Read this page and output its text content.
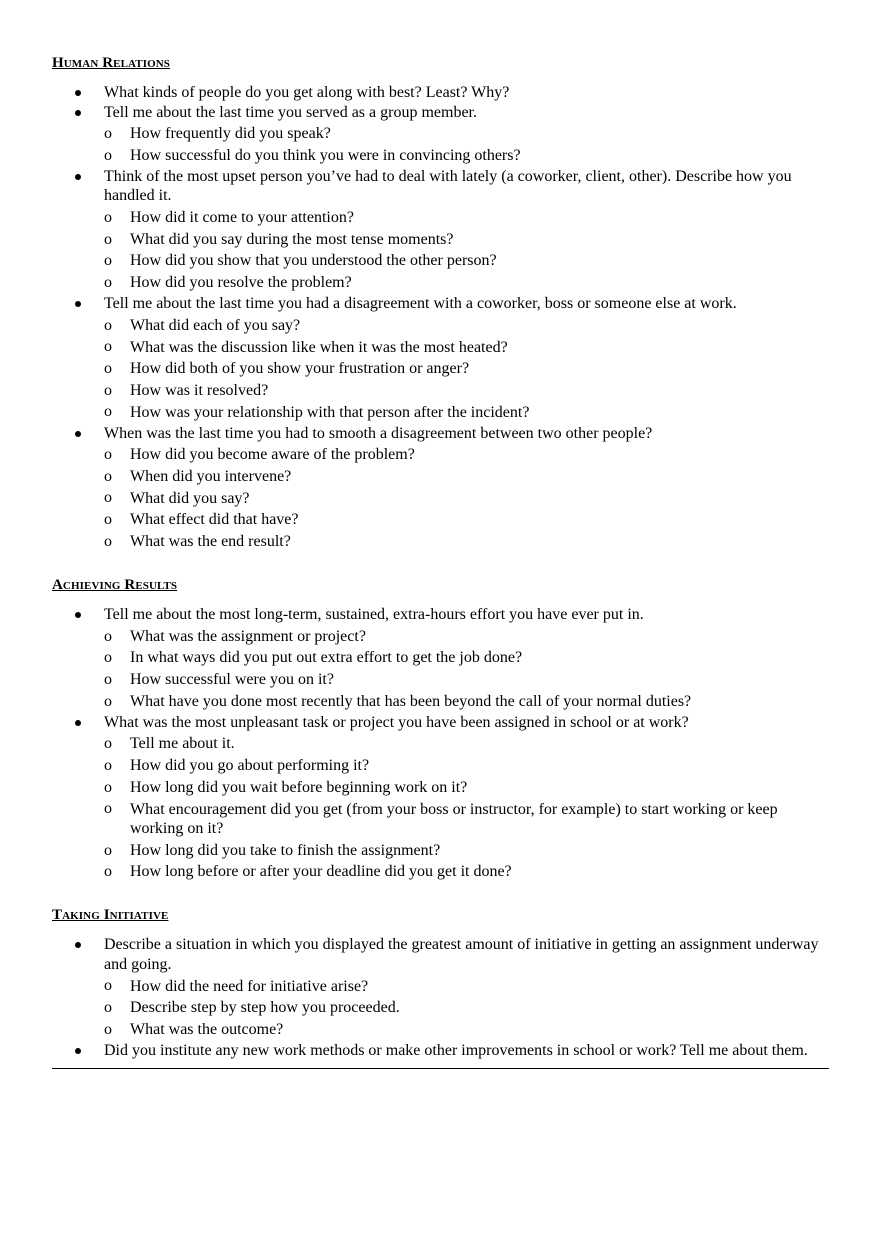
Human Relations
What kinds of people do you get along with best? Least? Why?
Tell me about the last time you served as a group member.
o How frequently did you speak?
o How successful do you think you were in convincing others?
Think of the most upset person you’ve had to deal with lately (a coworker, client, other). Describe how you handled it.
o How did it come to your attention?
o What did you say during the most tense moments?
o How did you show that you understood the other person?
o How did you resolve the problem?
Tell me about the last time you had a disagreement with a coworker, boss or someone else at work.
o What did each of you say?
o What was the discussion like when it was the most heated?
o How did both of you show your frustration or anger?
o How was it resolved?
o How was your relationship with that person after the incident?
When was the last time you had to smooth a disagreement between two other people?
o How did you become aware of the problem?
o When did you intervene?
o What did you say?
o What effect did that have?
o What was the end result?
Achieving Results
Tell me about the most long-term, sustained, extra-hours effort you have ever put in.
o What was the assignment or project?
o In what ways did you put out extra effort to get the job done?
o How successful were you on it?
o What have you done most recently that has been beyond the call of your normal duties?
What was the most unpleasant task or project you have been assigned in school or at work?
o Tell me about it.
o How did you go about performing it?
o How long did you wait before beginning work on it?
o What encouragement did you get (from your boss or instructor, for example) to start working or keep working on it?
o How long did you take to finish the assignment?
o How long before or after your deadline did you get it done?
Taking Initiative
Describe a situation in which you displayed the greatest amount of initiative in getting an assignment underway and going.
o How did the need for initiative arise?
o Describe step by step how you proceeded.
o What was the outcome?
Did you institute any new work methods or make other improvements in school or work? Tell me about them.
